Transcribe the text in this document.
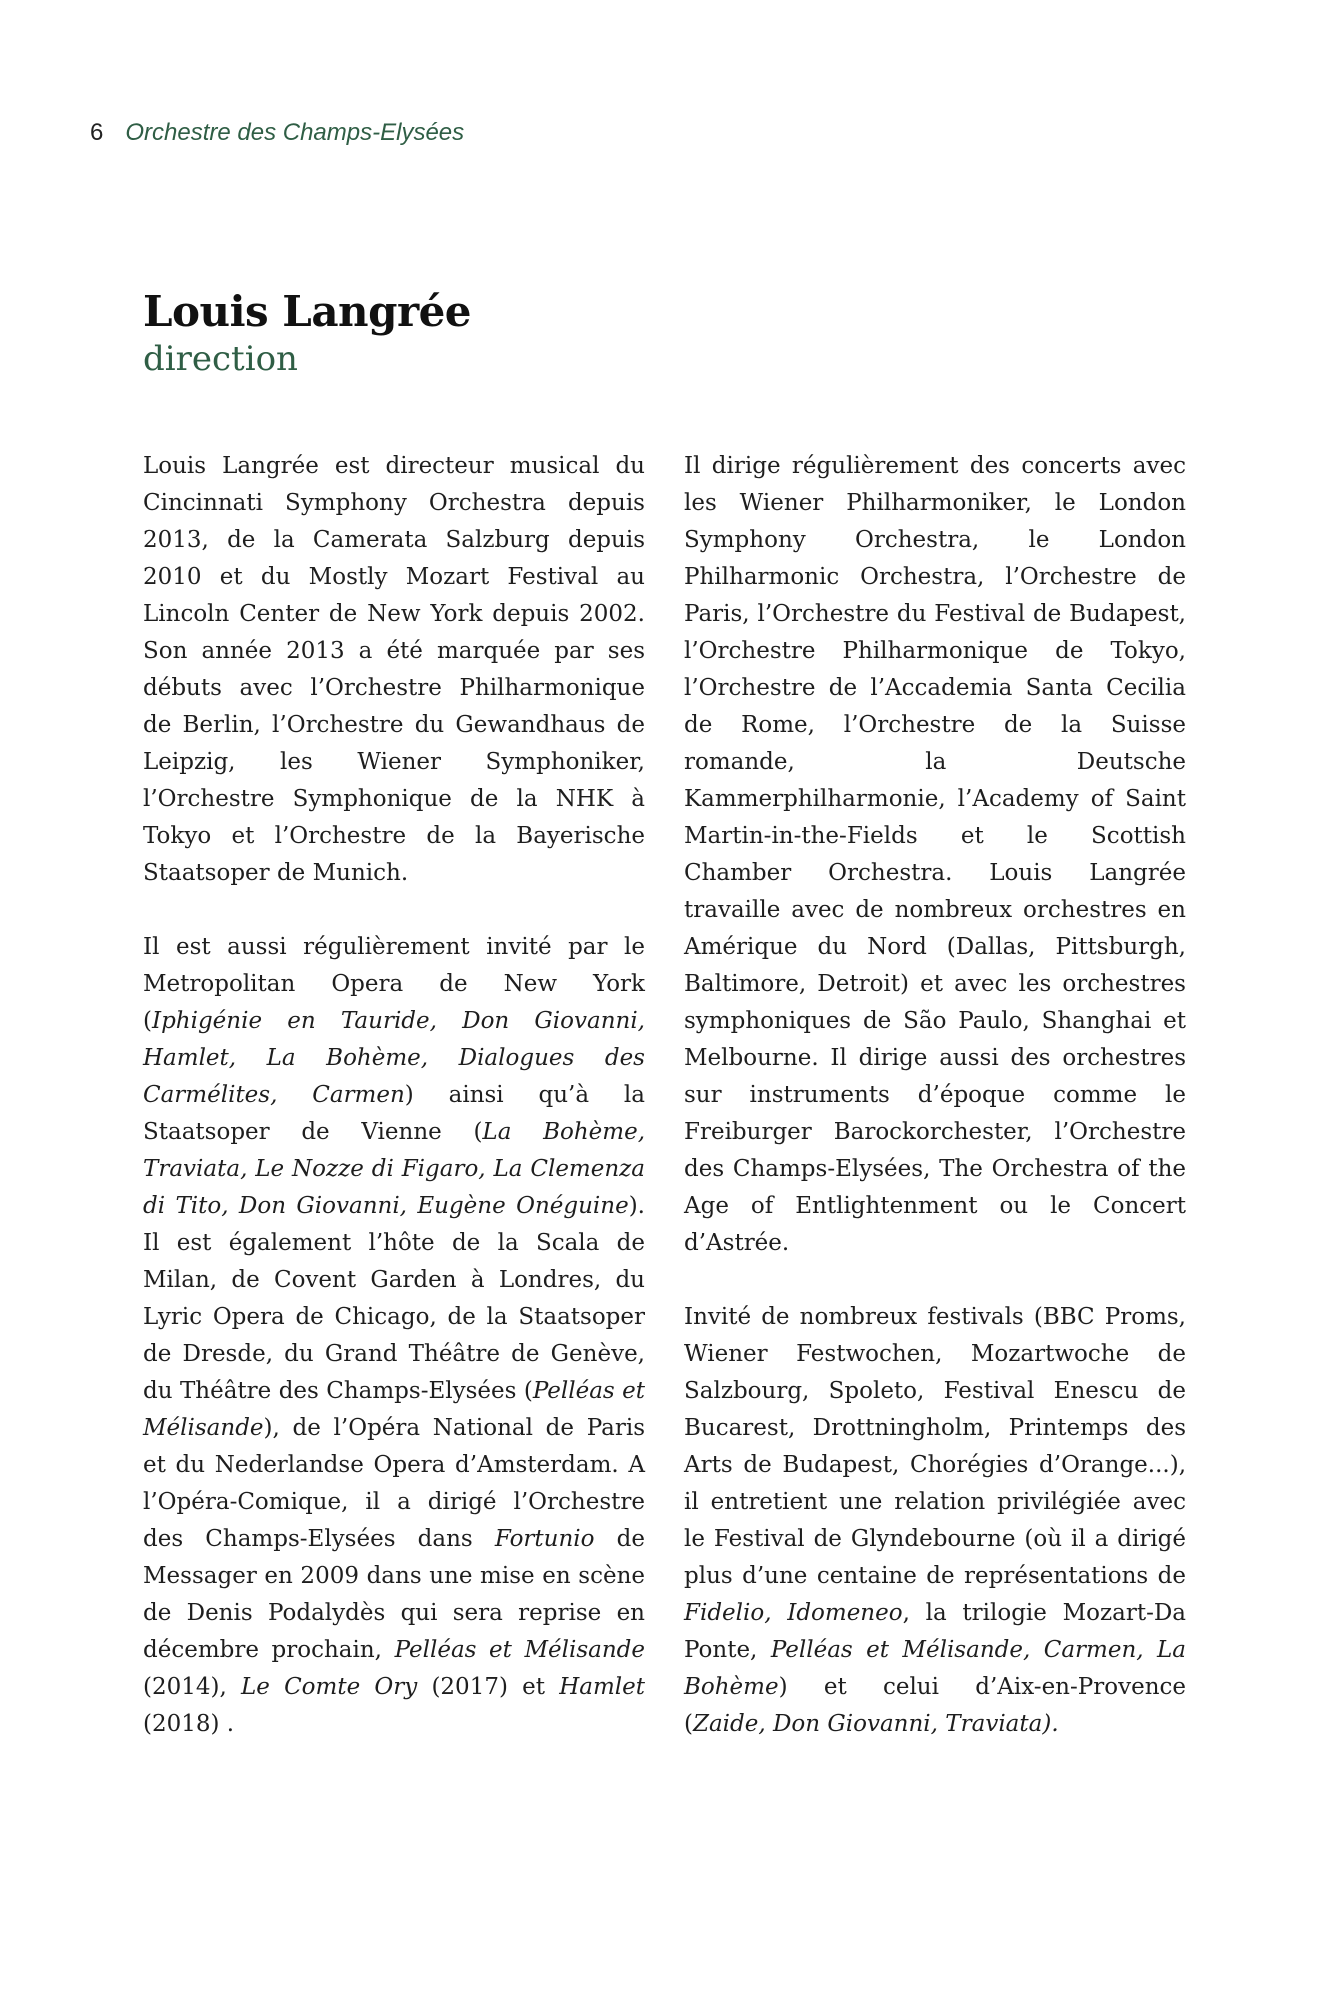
6 Orchestre des Champs-Elysées
Louis Langrée
direction

Louis Langrée est directeur musical du Cincinnati Symphony Orchestra depuis 2013, de la Camerata Salzburg depuis 2010 et du Mostly Mozart Festival au Lincoln Center de New York depuis 2002. Son année 2013 a été marquée par ses débuts avec l’Orchestre Philharmonique de Berlin, l’Orchestre du Gewandhaus de Leipzig, les Wiener Symphoniker, l’Orchestre Symphonique de la NHK à Tokyo et l’Orchestre de la Bayerische Staatsoper de Munich.

Il est aussi régulièrement invité par le Metropolitan Opera de New York (Iphigénie en Tauride, Don Giovanni, Hamlet, La Bohème, Dialogues des Carmélites, Carmen) ainsi qu’à la Staatsoper de Vienne (La Bohème, Traviata, Le Nozze di Figaro, La Clemenza di Tito, Don Giovanni, Eugène Onéguine). Il est également l’hôte de la Scala de Milan, de Covent Garden à Londres, du Lyric Opera de Chicago, de la Staatsoper de Dresde, du Grand Théâtre de Genève, du Théâtre des Champs-Elysées (Pelléas et Mélisande), de l’Opéra National de Paris et du Nederlandse Opera d’Amsterdam. A l’Opéra-Comique, il a dirigé l’Orchestre des Champs-Elysées dans Fortunio de Messager en 2009 dans une mise en scène de Denis Podalydès qui sera reprise en décembre prochain, Pelléas et Mélisande (2014), Le Comte Ory (2017) et Hamlet (2018) .

Il dirige régulièrement des concerts avec les Wiener Philharmoniker, le London Symphony Orchestra, le London Philharmonic Orchestra, l’Orchestre de Paris, l’Orchestre du Festival de Budapest, l’Orchestre Philharmonique de Tokyo, l’Orchestre de l’Accademia Santa Cecilia de Rome, l’Orchestre de la Suisse romande, la Deutsche Kammerphilharmonie, l’Academy of Saint Martin-in-the-Fields et le Scottish Chamber Orchestra. Louis Langrée travaille avec de nombreux orchestres en Amérique du Nord (Dallas, Pittsburgh, Baltimore, Detroit) et avec les orchestres symphoniques de São Paulo, Shanghai et Melbourne. Il dirige aussi des orchestres sur instruments d’époque comme le Freiburger Barockorchester, l’Orchestre des Champs-Elysées, The Orchestra of the Age of Entlightenment ou le Concert d’Astrée.

Invité de nombreux festivals (BBC Proms, Wiener Festwochen, Mozartwoche de Salzbourg, Spoleto, Festival Enescu de Bucarest, Drottningholm, Printemps des Arts de Budapest, Chorégies d’Orange...), il entretient une relation privilégiée avec le Festival de Glyndebourne (où il a dirigé plus d’une centaine de représentations de Fidelio, Idomeneo, la trilogie Mozart-Da Ponte, Pelléas et Mélisande, Carmen, La Bohème) et celui d’Aix-en-Provence (Zaide, Don Giovanni, Traviata).
